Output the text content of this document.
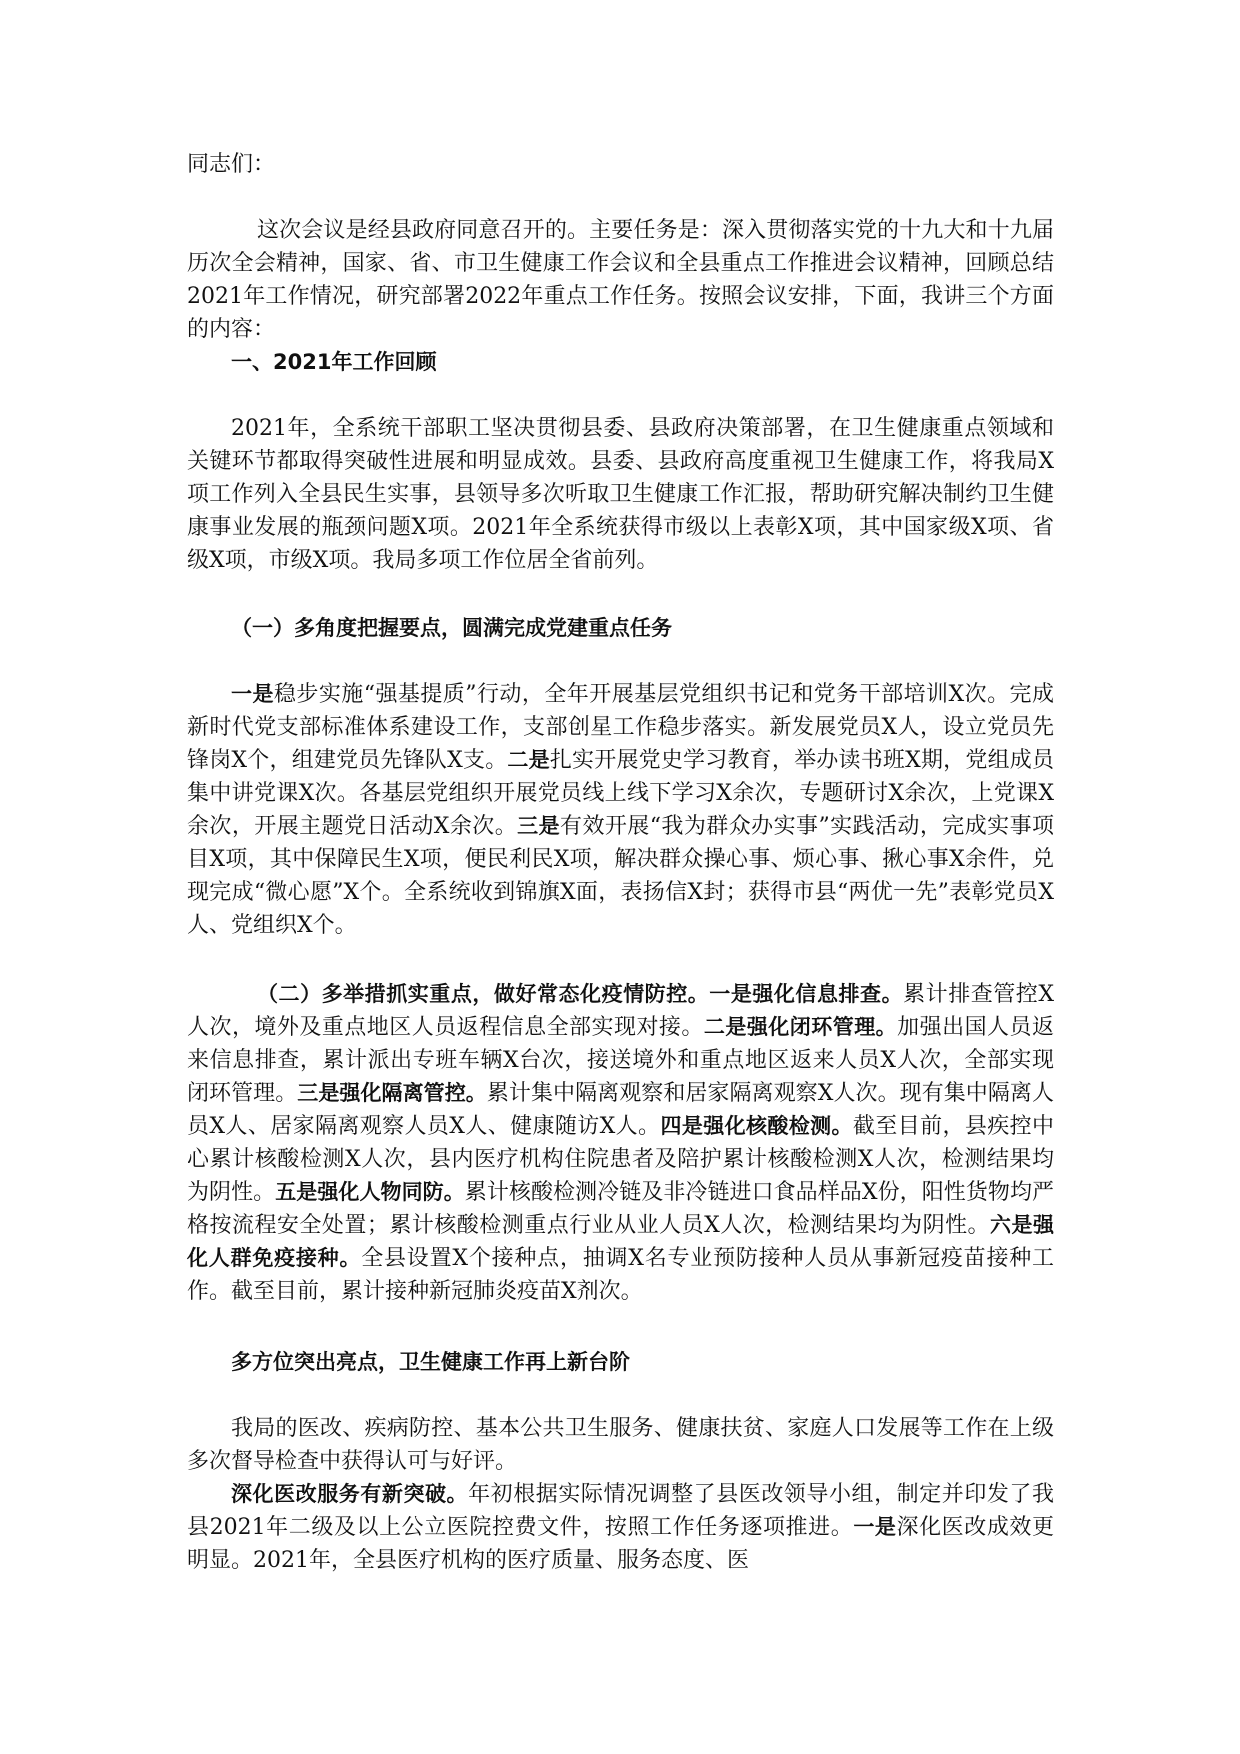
同志们：

这次会议是经县政府同意召开的。主要任务是：深入贯彻落实党的十九大和十九届历次全会精神，国家、省、市卫生健康工作会议和全县重点工作推进会议精神，回顾总结2021年工作情况，研究部署2022年重点工作任务。按照会议安排，下面，我讲三个方面的内容：

一、2021年工作回顾

2021年，全系统干部职工坚决贯彻县委、县政府决策部署，在卫生健康重点领域和关键环节都取得突破性进展和明显成效。县委、县政府高度重视卫生健康工作，将我局X项工作列入全县民生实事，县领导多次听取卫生健康工作汇报，帮助研究解决制约卫生健康事业发展的瓶颈问题X项。2021年全系统获得市级以上表彰X项，其中国家级X项、省级X项，市级X项。我局多项工作位居全省前列。

（一）多角度把握要点，圆满完成党建重点任务

一是稳步实施“强基提质”行动，全年开展基层党组织书记和党务干部培训X次。完成新时代党支部标准体系建设工作，支部创星工作稳步落实。新发展党员X人，设立党员先锋岗X个，组建党员先锋队X支。二是扎实开展党史学习教育，举办读书班X期，党组成员集中讲党课X次。各基层党组织开展党员线上线下学习X余次，专题研讨X余次，上党课X余次，开展主题党日活动X余次。三是有效开展“我为群众办实事”实践活动，完成实事项目X项，其中保障民生X项，便民利民X项，解决群众操心事、烦心事、揪心事X余件，兑现完成“微心愿”X个。全系统收到锦旗X面，表扬信X封；获得市县“两优一先”表彰党员X人、党组织X个。

（二）多举措抓实重点，做好常态化疫情防控。一是强化信息排查。累计排查管控X人次，境外及重点地区人员返程信息全部实现对接。二是强化闭环管理。加强出国人员返来信息排查，累计派出专班车辆X台次，接送境外和重点地区返来人员X人次，全部实现闭环管理。三是强化隔离管控。累计集中隔离观察和居家隔离观察X人次。现有集中隔离人员X人、居家隔离观察人员X人、健康随访X人。四是强化核酸检测。截至目前，县疾控中心累计核酸检测X人次，县内医疗机构住院患者及陪护累计核酸检测X人次，检测结果均为阴性。五是强化人物同防。累计核酸检测冷链及非冷链进口食品样品X份，阳性货物均严格按流程安全处置；累计核酸检测重点行业从业人员X人次，检测结果均为阴性。六是强化人群免疫接种。全县设置X个接种点，抽调X名专业预防接种人员从事新冠疫苗接种工作。截至目前，累计接种新冠肺炎疫苗X剂次。

多方位突出亮点，卫生健康工作再上新台阶

我局的医改、疾病防控、基本公共卫生服务、健康扶贫、家庭人口发展等工作在上级多次督导检查中获得认可与好评。

深化医改服务有新突破。年初根据实际情况调整了县医改领导小组，制定并印发了我县2021年二级及以上公立医院控费文件，按照工作任务逐项推进。一是深化医改成效更明显。2021年，全县医疗机构的医疗质量、服务态度、医
